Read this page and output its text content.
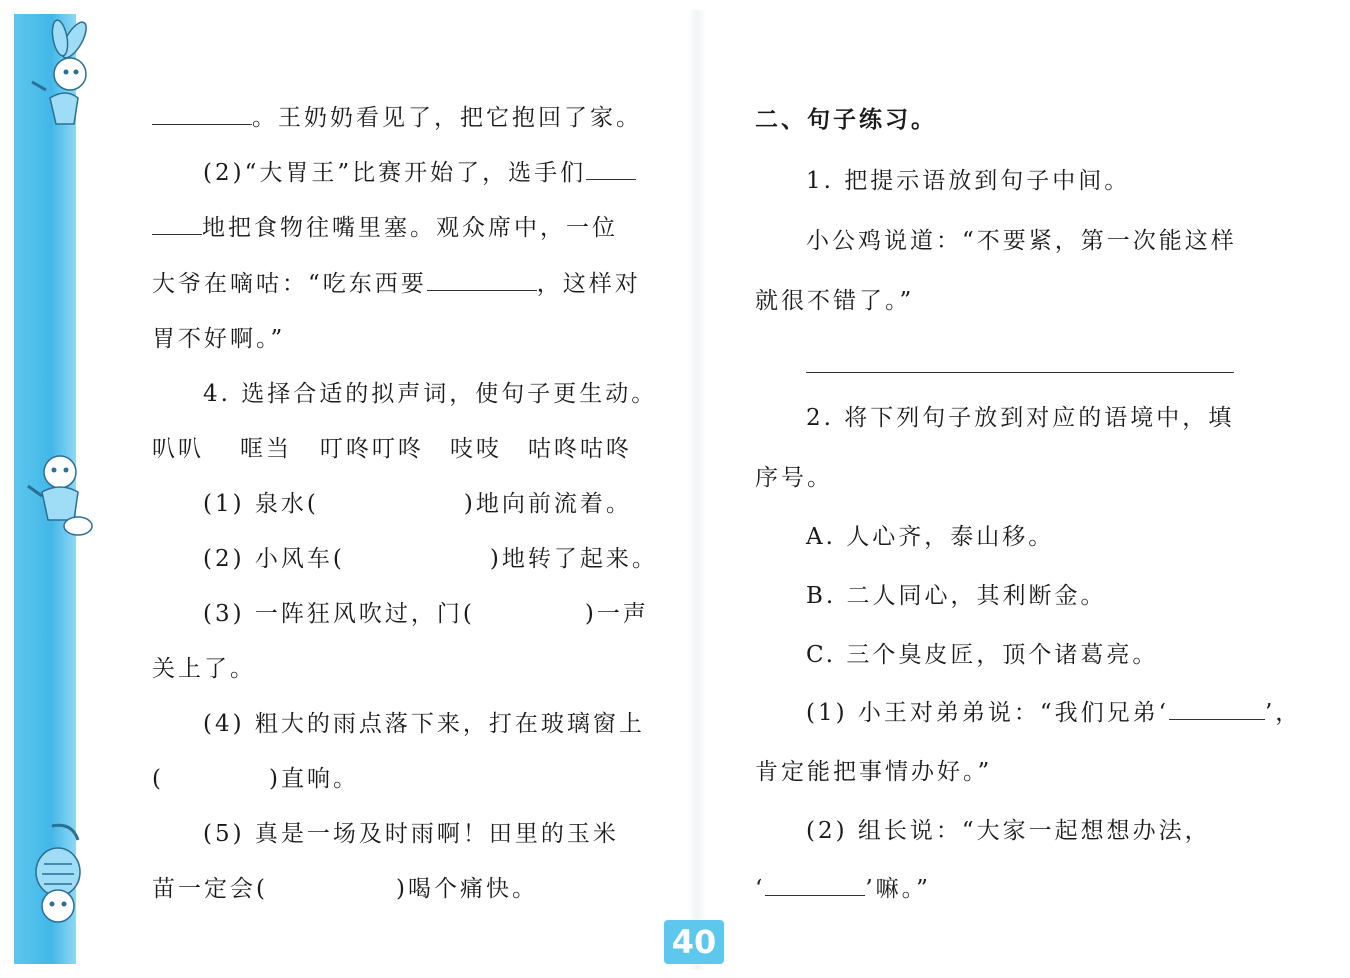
。王奶奶看见了，把它抱回了家。
(2)“大胃王”比赛开始了，选手们
地把食物往嘴里塞。观众席中，一位
大爷在嘀咕：“吃东西要	，这样对
胃不好啊。”
4. 选择合适的拟声词，使句子更生动。
叭叭 哐当 叮咚叮咚 吱吱 咕咚咕咚
(1) 泉水(	)地向前流着。
(2) 小风车(	)地转了起来。
(3) 一阵狂风吹过，门(	)一声
关上了。
(4) 粗大的雨点落下来，打在玻璃窗上
(	)直响。
(5) 真是一场及时雨啊！田里的玉米
苗一定会(	)喝个痛快。
二、句子练习。
1. 把提示语放到句子中间。
小公鸡说道：“不要紧，第一次能这样
就很不错了。”
2. 将下列句子放到对应的语境中，填
序号。
A. 人心齐，泰山移。
B. 二人同心，其利断金。
C. 三个臭皮匠，顶个诸葛亮。
(1) 小王对弟弟说：“我们兄弟‘	’，
肯定能把事情办好。”
(2) 组长说：“大家一起想想办法，
‘	’嘛。”
40
